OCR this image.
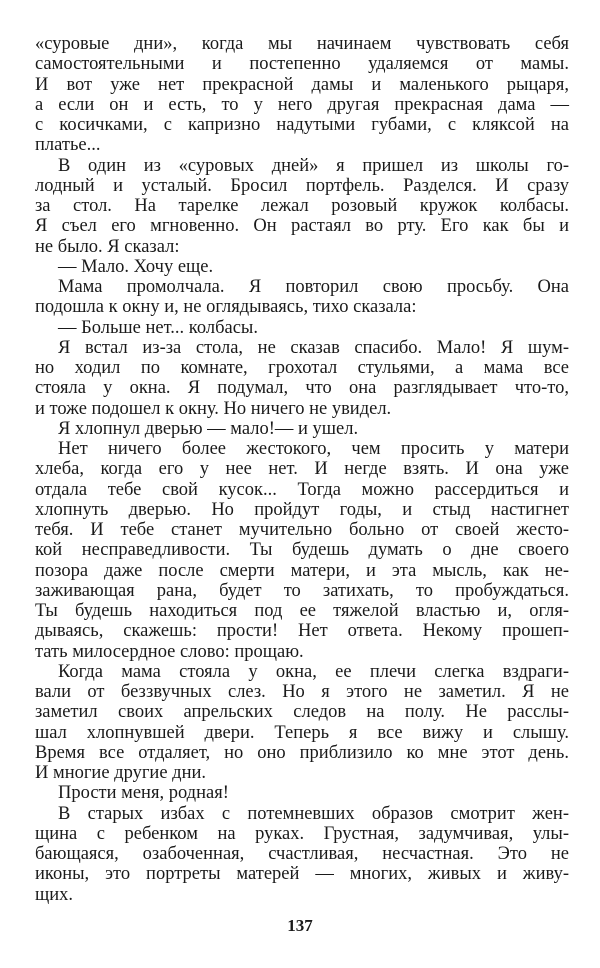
«суровые дни», когда мы начинаем чувствовать себя
самостоятельными и постепенно удаляемся от мамы.
И вот уже нет прекрасной дамы и маленького рыцаря,
а если он и есть, то у него другая прекрасная дама —
с косичками, с капризно надутыми губами, с кляксой на
платье...
В один из «суровых дней» я пришел из школы го-
лодный и усталый. Бросил портфель. Разделся. И сразу
за стол. На тарелке лежал розовый кружок колбасы.
Я съел его мгновенно. Он растаял во рту. Его как бы и
не было. Я сказал:
— Мало. Хочу еще.
Мама промолчала. Я повторил свою просьбу. Она
подошла к окну и, не оглядываясь, тихо сказала:
— Больше нет... колбасы.
Я встал из-за стола, не сказав спасибо. Мало! Я шум-
но ходил по комнате, грохотал стульями, а мама все
стояла у окна. Я подумал, что она разглядывает что-то,
и тоже подошел к окну. Но ничего не увидел.
Я хлопнул дверью — мало!— и ушел.
Нет ничего более жестокого, чем просить у матери
хлеба, когда его у нее нет. И негде взять. И она уже
отдала тебе свой кусок... Тогда можно рассердиться и
хлопнуть дверью. Но пройдут годы, и стыд настигнет
тебя. И тебе станет мучительно больно от своей жесто-
кой несправедливости. Ты будешь думать о дне своего
позора даже после смерти матери, и эта мысль, как не-
заживающая рана, будет то затихать, то пробуждаться.
Ты будешь находиться под ее тяжелой властью и, огля-
дываясь, скажешь: прости! Нет ответа. Некому прошеп-
тать милосердное слово: прощаю.
Когда мама стояла у окна, ее плечи слегка вздраги-
вали от беззвучных слез. Но я этого не заметил. Я не
заметил своих апрельских следов на полу. Не расслы-
шал хлопнувшей двери. Теперь я все вижу и слышу.
Время все отдаляет, но оно приблизило ко мне этот день.
И многие другие дни.
Прости меня, родная!
В старых избах с потемневших образов смотрит жен-
щина с ребенком на руках. Грустная, задумчивая, улы-
бающаяся, озабоченная, счастливая, несчастная. Это не
иконы, это портреты матерей — многих, живых и живу-
щих.
137
